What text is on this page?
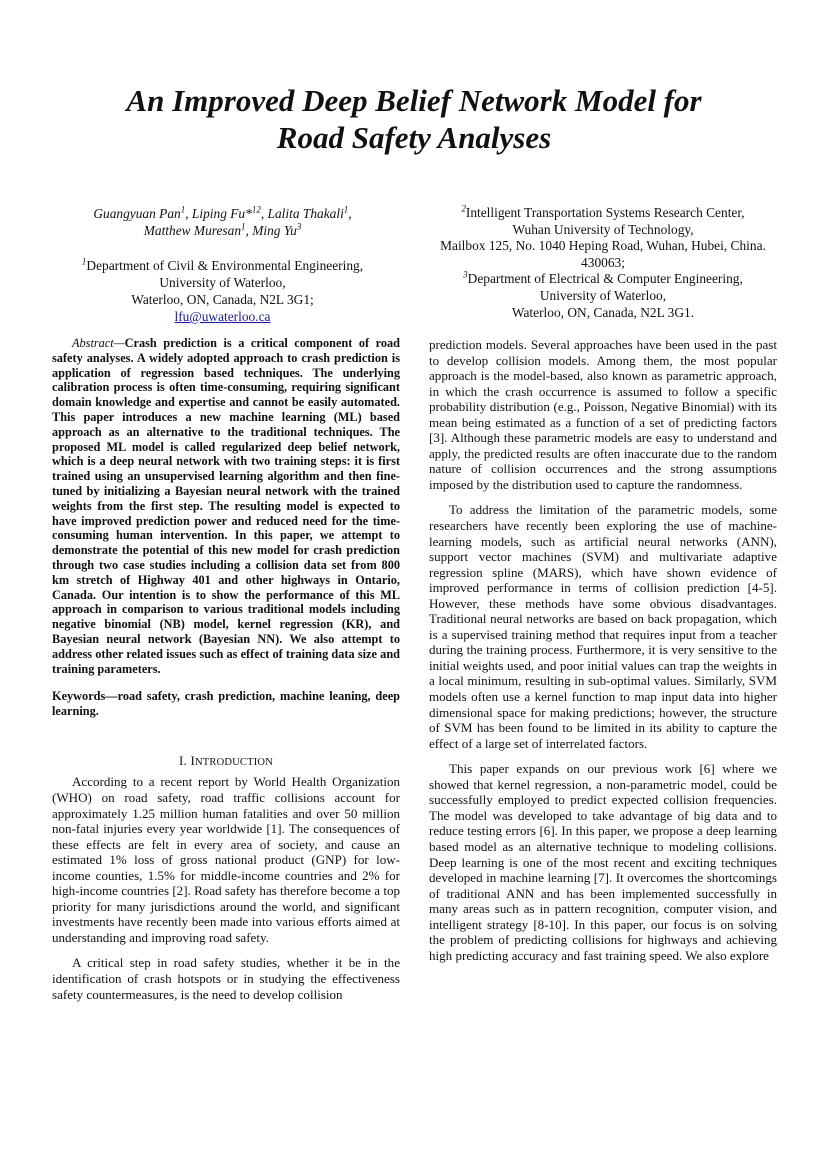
An Improved Deep Belief Network Model for
Road Safety Analyses
Guangyuan Pan$^1$, Liping Fu*$^{12}$, Lalita Thakali$^1$,
Matthew Muresan$^1$, Ming Yu$^3$
$^1$Department of Civil & Environmental Engineering,
University of Waterloo,
Waterloo, ON, Canada, N2L 3G1;
lfu@uwaterloo.ca
$^2$Intelligent Transportation Systems Research Center,
Wuhan University of Technology,
Mailbox 125, No. 1040 Heping Road, Wuhan, Hubei, China.
430063;
$^3$Department of Electrical & Computer Engineering,
University of Waterloo,
Waterloo, ON, Canada, N2L 3G1.

Abstract—Crash prediction is a critical component of road safety analyses. A widely adopted approach to crash prediction is application of regression based techniques. The underlying calibration process is often time-consuming, requiring significant domain knowledge and expertise and cannot be easily automated. This paper introduces a new machine learning (ML) based approach as an alternative to the traditional techniques. The proposed ML model is called regularized deep belief network, which is a deep neural network with two training steps: it is first trained using an unsupervised learning algorithm and then fine-tuned by initializing a Bayesian neural network with the trained weights from the first step. The resulting model is expected to have improved prediction power and reduced need for the time-consuming human intervention. In this paper, we attempt to demonstrate the potential of this new model for crash prediction through two case studies including a collision data set from 800 km stretch of Highway 401 and other highways in Ontario, Canada. Our intention is to show the performance of this ML approach in comparison to various traditional models including negative binomial (NB) model, kernel regression (KR), and Bayesian neural network (Bayesian NN). We also attempt to address other related issues such as effect of training data size and training parameters.

Keywords—road safety, crash prediction, machine leaning, deep learning.

I. INTRODUCTION

According to a recent report by World Health Organization (WHO) on road safety, road traffic collisions account for approximately 1.25 million human fatalities and over 50 million non-fatal injuries every year worldwide [1]. The consequences of these effects are felt in every area of society, and cause an estimated 1% loss of gross national product (GNP) for low-income counties, 1.5% for middle-income countries and 2% for high-income countries [2]. Road safety has therefore become a top priority for many jurisdictions around the world, and significant investments have recently been made into various efforts aimed at understanding and improving road safety.

A critical step in road safety studies, whether it be in the identification of crash hotspots or in studying the effectiveness safety countermeasures, is the need to develop collision

prediction models. Several approaches have been used in the past to develop collision models. Among them, the most popular approach is the model-based, also known as parametric approach, in which the crash occurrence is assumed to follow a specific probability distribution (e.g., Poisson, Negative Binomial) with its mean being estimated as a function of a set of predicting factors [3]. Although these parametric models are easy to understand and apply, the predicted results are often inaccurate due to the random nature of collision occurrences and the strong assumptions imposed by the distribution used to capture the randomness.

To address the limitation of the parametric models, some researchers have recently been exploring the use of machine-learning models, such as artificial neural networks (ANN), support vector machines (SVM) and multivariate adaptive regression spline (MARS), which have shown evidence of improved performance in terms of collision prediction [4-5]. However, these methods have some obvious disadvantages. Traditional neural networks are based on back propagation, which is a supervised training method that requires input from a teacher during the training process. Furthermore, it is very sensitive to the initial weights used, and poor initial values can trap the weights in a local minimum, resulting in sub-optimal values. Similarly, SVM models often use a kernel function to map input data into higher dimensional space for making predictions; however, the structure of SVM has been found to be limited in its ability to capture the effect of a large set of interrelated factors.

This paper expands on our previous work [6] where we showed that kernel regression, a non-parametric model, could be successfully employed to predict expected collision frequencies. The model was developed to take advantage of big data and to reduce testing errors [6]. In this paper, we propose a deep learning based model as an alternative technique to modeling collisions. Deep learning is one of the most recent and exciting techniques developed in machine learning [7]. It overcomes the shortcomings of traditional ANN and has been implemented successfully in many areas such as in pattern recognition, computer vision, and intelligent strategy [8-10]. In this paper, our focus is on solving the problem of predicting collisions for highways and achieving high predicting accuracy and fast training speed. We also explore
